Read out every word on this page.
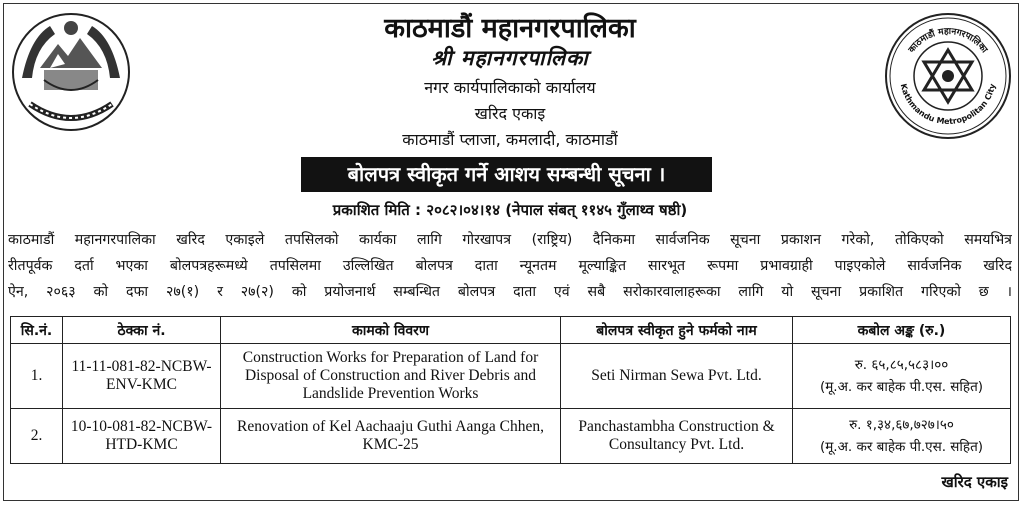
काठमाडौं महानगरपालिका
Kathmandu Metropolitan City
काठमाडौं महानगरपालिका
श्री महानगरपालिका
नगर कार्यपालिकाको कार्यालय
खरिद एकाइ
काठमाडौं प्लाजा, कमलादी, काठमाडौं
बोलपत्र स्वीकृत गर्ने आशय सम्बन्धी सूचना ।
प्रकाशित मिति : २०८२।०४।१४ (नेपाल संबत् ११४५ गुँलाथ्व षष्ठी)
काठमाडौं महानगरपालिका खरिद एकाइले तपसिलको कार्यका लागि गोरखापत्र (राष्ट्रिय) दैनिकमा सार्वजनिक सूचना प्रकाशन गरेको, तोकिएको समयभित्र
रीतपूर्वक दर्ता भएका बोलपत्रहरूमध्ये तपसिलमा उल्लिखित बोलपत्र दाता न्यूनतम मूल्याङ्कित सारभूत रूपमा प्रभावग्राही पाइएकोले सार्वजनिक खरिद
ऐन, २०६३ को दफा २७(१) र २७(२) को प्रयोजनार्थ सम्बन्धित बोलपत्र दाता एवं सबै सरोकारवालाहरूका लागि यो सूचना प्रकाशित गरिएको छ ।
सि.नं.	ठेक्का नं.	कामको विवरण	बोलपत्र स्वीकृत हुने फर्मको नाम	कबोल अङ्क (रु.)
1.	11-11-081-82-NCBW-ENV-KMC	Construction Works for Preparation of Land for Disposal of Construction and River Debris and Landslide Prevention Works	Seti Nirman Sewa Pvt. Ltd.	रु. ६५,८५,५८३।००
(मू.अ. कर बाहेक पी.एस. सहित)

2.	10-10-081-82-NCBW-HTD-KMC	Renovation of Kel Aachaaju Guthi Aanga Chhen, KMC-25	Panchastambha Construction & Consultancy Pvt. Ltd.	रु. १,३४,६७,७२७।५०
(मू.अ. कर बाहेक पी.एस. सहित)
खरिद एकाइ
